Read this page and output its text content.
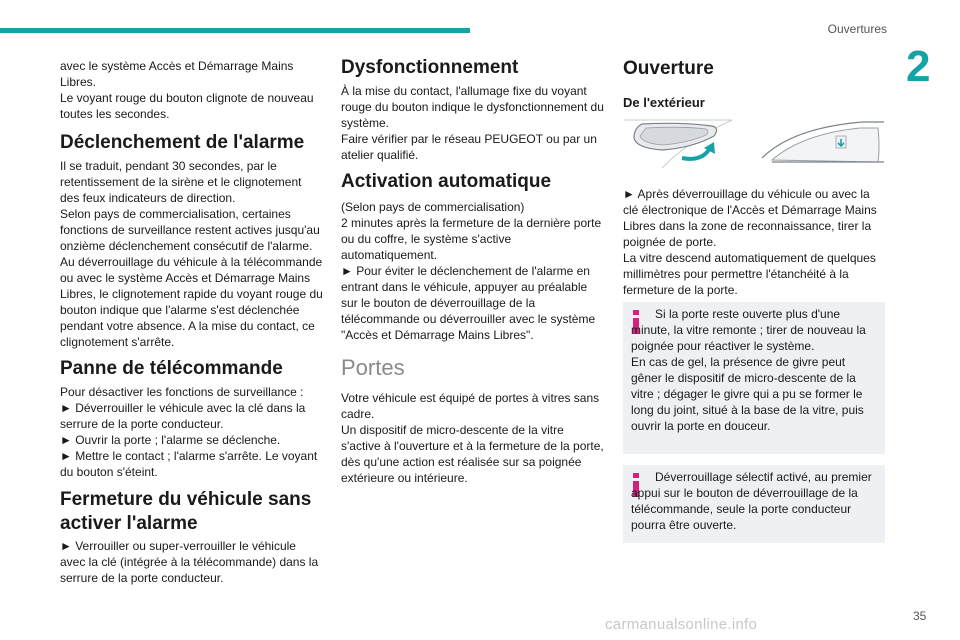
Ouvertures
2

avec le système Accès et Démarrage Mains Libres.
Le voyant rouge du bouton clignote de nouveau toutes les secondes.

Déclenchement de l'alarme

Il se traduit, pendant 30 secondes, par le retentissement de la sirène et le clignotement des feux indicateurs de direction.
Selon pays de commercialisation, certaines fonctions de surveillance restent actives jusqu'au onzième déclenchement consécutif de l'alarme.
Au déverrouillage du véhicule à la télécommande ou avec le système Accès et Démarrage Mains Libres, le clignotement rapide du voyant rouge du bouton indique que l'alarme s'est déclenchée pendant votre absence. A la mise du contact, ce clignotement s'arrête.

Panne de télécommande

Pour désactiver les fonctions de surveillance :
► Déverrouiller le véhicule avec la clé dans la serrure de la porte conducteur.
► Ouvrir la porte ; l'alarme se déclenche.
► Mettre le contact ; l'alarme s'arrête. Le voyant du bouton s'éteint.

Fermeture du véhicule sans activer l'alarme

► Verrouiller ou super-verrouiller le véhicule avec la clé (intégrée à la télécommande) dans la serrure de la porte conducteur.

Dysfonctionnement

À la mise du contact, l'allumage fixe du voyant rouge du bouton indique le dysfonctionnement du système.
Faire vérifier par le réseau PEUGEOT ou par un atelier qualifié.

Activation automatique

(Selon pays de commercialisation)
2 minutes après la fermeture de la dernière porte ou du coffre, le système s'active automatiquement.
► Pour éviter le déclenchement de l'alarme en entrant dans le véhicule, appuyer au préalable sur le bouton de déverrouillage de la télécommande ou déverrouiller avec le système "Accès et Démarrage Mains Libres".

Portes

Votre véhicule est équipé de portes à vitres sans cadre.
Un dispositif de micro-descente de la vitre s'active à l'ouverture et à la fermeture de la porte, dès qu'une action est réalisée sur sa poignée extérieure ou intérieure.

Ouverture
De l'extérieur

► Après déverrouillage du véhicule ou avec la clé électronique de l'Accès et Démarrage Mains Libres dans la zone de reconnaissance, tirer la poignée de porte.
La vitre descend automatiquement de quelques millimètres pour permettre l'étanchéité à la fermeture de la porte.

Si la porte reste ouverte plus d'une minute, la vitre remonte ; tirer de nouveau la poignée pour réactiver le système.
En cas de gel, la présence de givre peut gêner le dispositif de micro-descente de la vitre ; dégager le givre qui a pu se former le long du joint, situé à la base de la vitre, puis ouvrir la porte en douceur.
Déverrouillage sélectif activé, au premier appui sur le bouton de déverrouillage de la télécommande, seule la porte conducteur pourra être ouverte.
35
carmanualsonline.info
